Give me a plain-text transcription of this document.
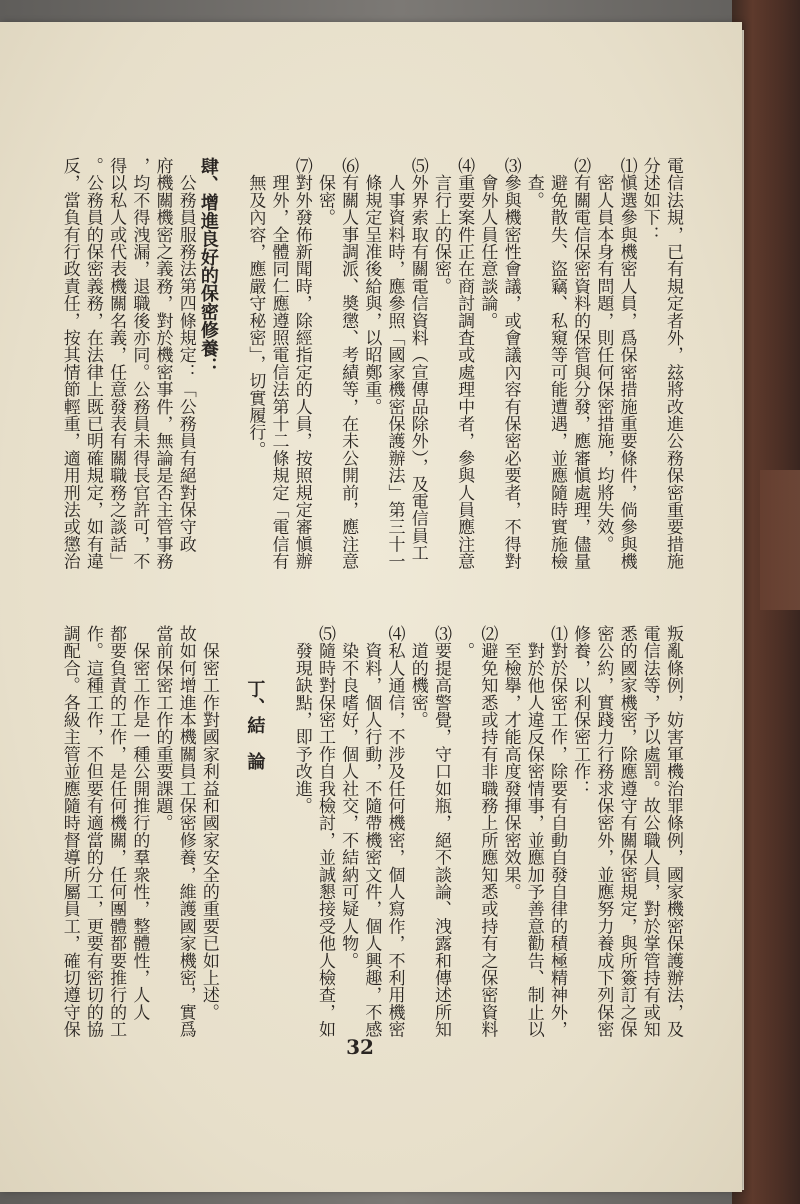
電信法規，已有規定者外，玆將改進公務保密重要措施
分述如下：
⑴愼選參與機密人員，爲保密措施重要條件，倘參與機
　密人員本身有問題，則任何保密措施，均將失效。
⑵有關電信保密資料的保管與分發，應審愼處理，儘量
　避免散失、盜竊、私窺等可能遭遇，並應隨時實施檢
　查。
⑶參與機密性會議，或會議內容有保密必要者，不得對
　會外人員任意談論。
⑷重要案件正在商討調査或處理中者，參與人員應注意
　言行上的保密。
⑸外界索取有關電信資料（宣傳品除外），及電信員工
　人事資料時，應參照「國家機密保護辦法」第三十一
　條規定呈准後給與，以昭鄭重。
⑹有關人事調派、奬懲、考績等，在未公開前，應注意
　保密。
⑺對外發佈新聞時，除經指定的人員，按照規定審愼辦
　理外，全體同仁應遵照電信法第十二條規定「電信有
　無及內容，應嚴守秘密」，切實履行。

肆、增進良好的保密修養：
　公務員服務法第四條規定：「公務員有絕對保守政
府機關機密之義務，對於機密事件，無論是否主管事務
，均不得洩漏，退職後亦同。公務員未得長官許可，不
得以私人或代表機關名義，任意發表有關職務之談話」
。公務員的保密義務，在法律上既已明確規定，如有違
反，當負有行政責任，按其情節輕重，適用刑法或懲治
叛亂條例，妨害軍機治罪條例，國家機密保護辦法，及
電信法等，予以處罰。故公職人員，對於掌管持有或知
悉的國家機密，除應遵守有關保密規定，與所簽訂之保
密公約，實踐力行務求保密外，並應努力養成下列保密
修養，以利保密工作：
⑴對於保密工作，除要有自動自發自律的積極精神外，
　對於他人違反保密情事，並應加予善意勸告、制止以
　至檢擧，才能高度發揮保密效果。
⑵避免知悉或持有非職務上所應知悉或持有之保密資料
　。
⑶要提高警覺，守口如瓶，絕不談論、洩露和傳述所知
　道的機密。
⑷私人通信，不涉及任何機密，個人寫作，不利用機密
　資料，個人行動，不隨帶機密文件，個人興趣，不感
　染不良嗜好，個人社交，不結納可疑人物。
⑸隨時對保密工作自我檢討，並誠懇接受他人檢查，如
　發現缺點，即予改進。

　　　丁、結　論

　保密工作對國家利益和國家安全的重要已如上述。
故如何增進本機關員工保密修養，維護國家機密，實爲
當前保密工作的重要課題。
　保密工作是一種公開推行的羣衆性，整體性，人人
都要負責的工作，是任何機關，任何團體都要推行的工
作。這種工作，不但要有適當的分工，更要有密切的協
調配合。各級主管並應隨時督導所屬員工，確切遵守保
32
